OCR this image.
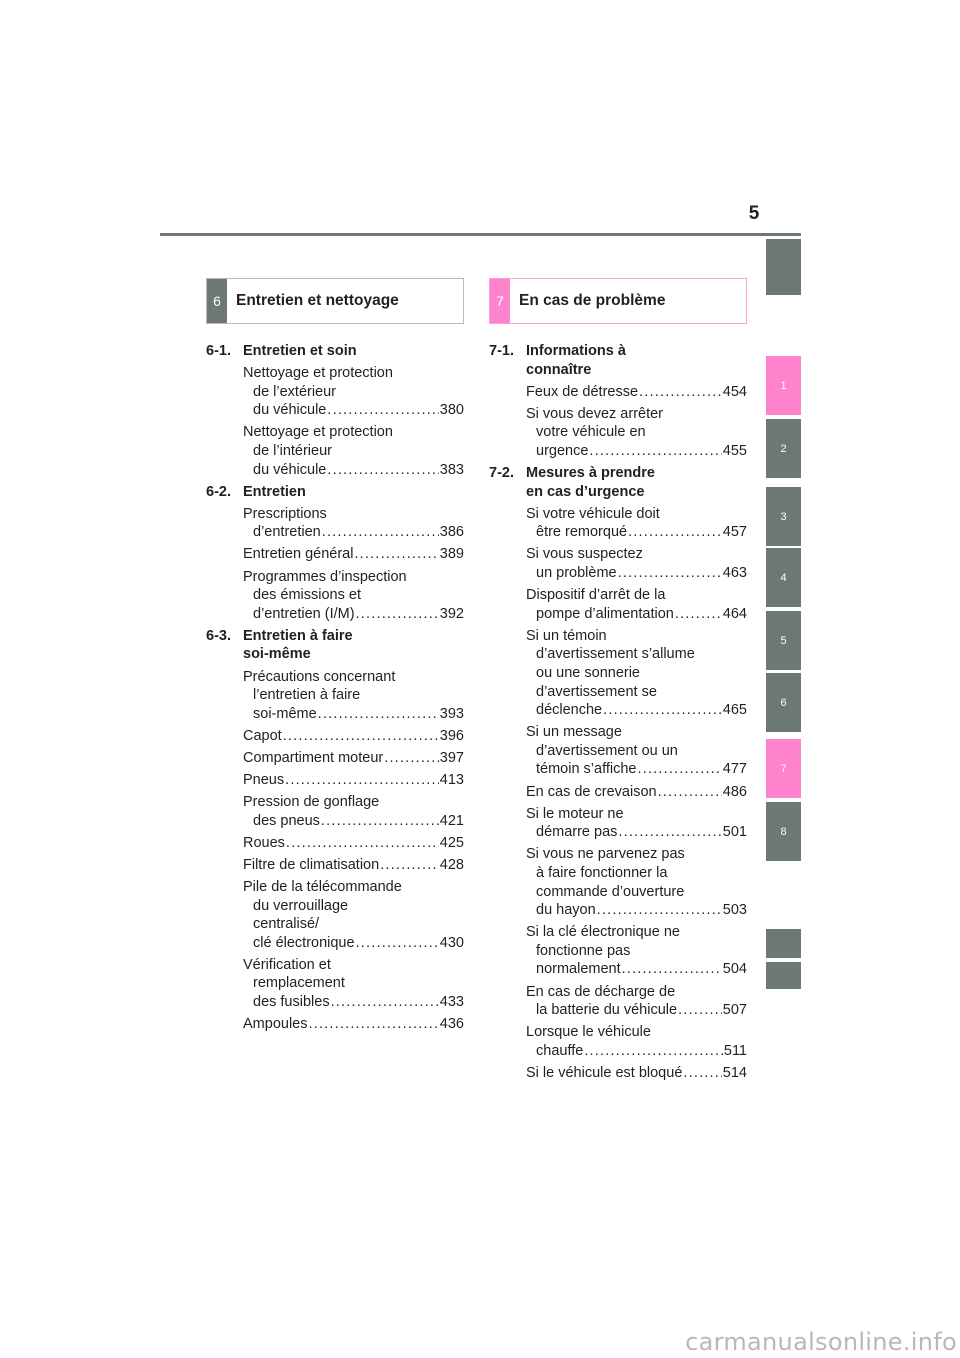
5
1
2
3
4
5
6
7
8
6 Entretien et nettoyage
6-1. Entretien et soin
Nettoyage et protection
de l’extérieur
du véhicule .....	380
Nettoyage et protection
de l’intérieur
du véhicule .....	383
6-2. Entretien
Prescriptions
d’entretien .....	386
Entretien général .....	389
Programmes d’inspection
des émissions et
d’entretien (I/M) .....	392
6-3. Entretien à faire
soi-même
Précautions concernant
l’entretien à faire
soi-même .....	393
Capot .....	396
Compartiment moteur .....	397
Pneus .....	413
Pression de gonflage
des pneus .....	421
Roues .....	425
Filtre de climatisation .....	428
Pile de la télécommande
du verrouillage
centralisé/
clé électronique .....	430
Vérification et
remplacement
des fusibles .....	433
Ampoules .....	436
7 En cas de problème
7-1. Informations à
connaître
Feux de détresse .....	454
Si vous devez arrêter
votre véhicule en
urgence .....	455
7-2. Mesures à prendre
en cas d’urgence
Si votre véhicule doit
être remorqué .....	457
Si vous suspectez
un problème .....	463
Dispositif d’arrêt de la
pompe d’alimentation .....	464
Si un témoin
d’avertissement s’allume
ou une sonnerie
d’avertissement se
déclenche .....	465
Si un message
d’avertissement ou un
témoin s’affiche .....	477
En cas de crevaison .....	486
Si le moteur ne
démarre pas .....	501
Si vous ne parvenez pas
à faire fonctionner la
commande d’ouverture
du hayon .....	503
Si la clé électronique ne
fonctionne pas
normalement .....	504
En cas de décharge de
la batterie du véhicule .....	507
Lorsque le véhicule
chauffe .....	511
Si le véhicule est bloqué .....	514
carmanualsonline.info
